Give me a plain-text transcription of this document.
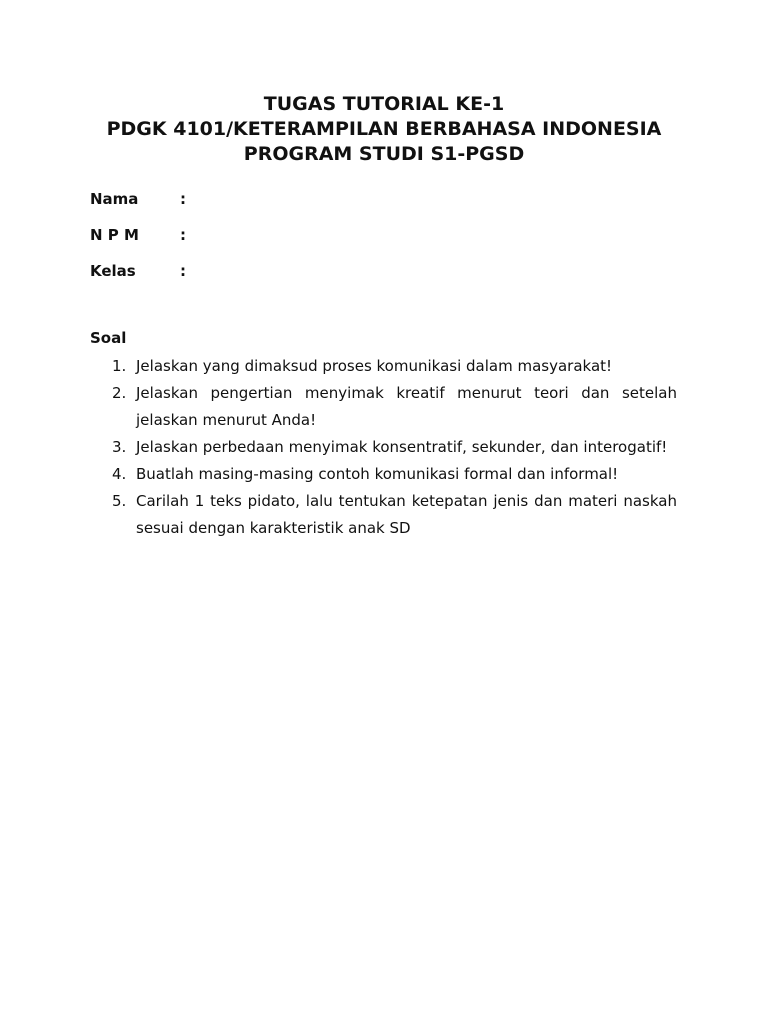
TUGAS TUTORIAL KE-1
PDGK 4101/KETERAMPILAN BERBAHASA INDONESIA
PROGRAM STUDI S1-PGSD
Nama	:
N P M	:
Kelas	:
Soal
1. Jelaskan yang dimaksud proses komunikasi dalam masyarakat!
2. Jelaskan pengertian menyimak kreatif menurut teori dan setelah jelaskan menurut Anda!
3. Jelaskan perbedaan menyimak konsentratif, sekunder, dan interogatif!
4. Buatlah masing-masing contoh komunikasi formal dan informal!
5. Carilah 1 teks pidato, lalu tentukan ketepatan jenis dan materi naskah sesuai dengan karakteristik anak SD
